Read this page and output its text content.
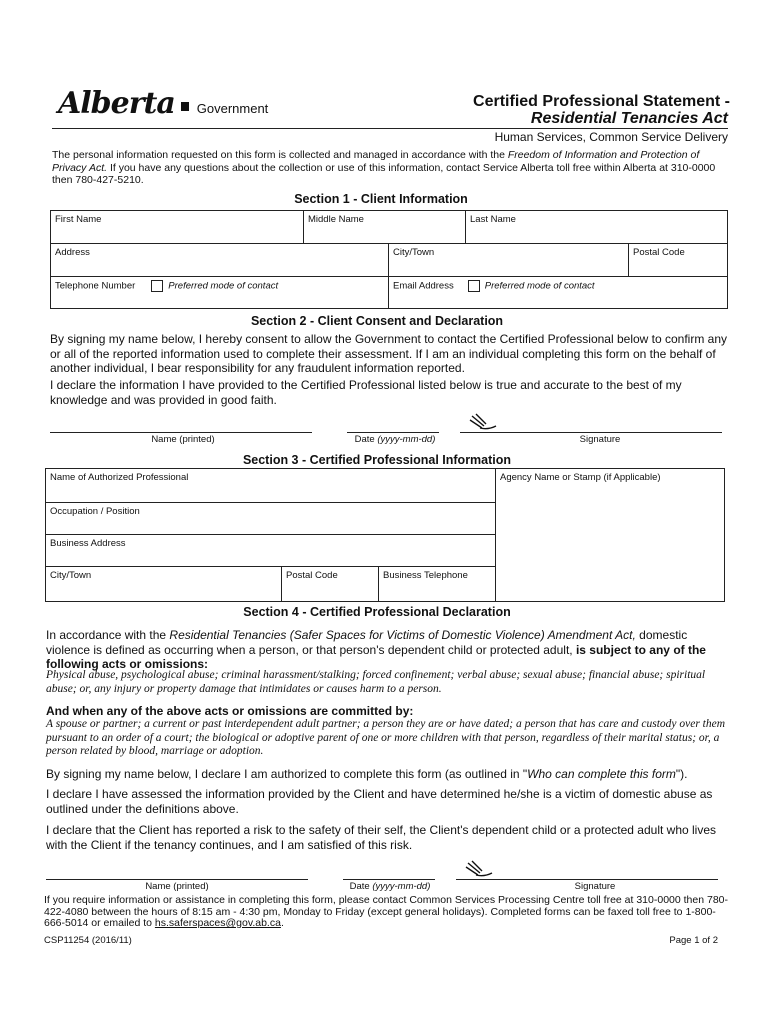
Alberta Government	Certified Professional Statement -
Residential Tenancies Act
Human Services, Common Service Delivery
The personal information requested on this form is collected and managed in accordance with the Freedom of Information and Protection of Privacy Act. If you have any questions about the collection or use of this information, contact Service Alberta toll free within Alberta at 310-0000 then 780-427-5210.
Section 1 - Client Information
First Name	Middle Name	Last Name
Address	City/Town	Postal Code
Telephone Number	Preferred mode of contact	Email Address	Preferred mode of contact
Section 2 - Client Consent and Declaration
By signing my name below, I hereby consent to allow the Government to contact the Certified Professional below to confirm any or all of the reported information used to complete their assessment. If I am an individual completing this form on the behalf of another individual, I bear responsibility for any fraudulent information reported.
I declare the information I have provided to the Certified Professional listed below is true and accurate to the best of my knowledge and was provided in good faith.
Name (printed)	Date (yyyy-mm-dd)	Signature
Section 3 - Certified Professional Information
Name of Authorized Professional	Agency Name or Stamp (if Applicable)
Occupation / Position
Business Address
City/Town	Postal Code	Business Telephone
Section 4 - Certified Professional Declaration
In accordance with the Residential Tenancies (Safer Spaces for Victims of Domestic Violence) Amendment Act, domestic violence is defined as occurring when a person, or that person's dependent child or protected adult, is subject to any of the following acts or omissions:
Physical abuse, psychological abuse; criminal harassment/stalking; forced confinement; verbal abuse; sexual abuse; financial abuse; spiritual abuse; or, any injury or property damage that intimidates or causes harm to a person.
And when any of the above acts or omissions are committed by:
A spouse or partner; a current or past interdependent adult partner; a person they are or have dated; a person that has care and custody over them pursuant to an order of a court; the biological or adoptive parent of one or more children with that person, regardless of their marital status; or, a person related by blood, marriage or adoption.
By signing my name below, I declare I am authorized to complete this form (as outlined in "Who can complete this form").
I declare I have assessed the information provided by the Client and have determined he/she is a victim of domestic abuse as outlined under the definitions above.
I declare that the Client has reported a risk to the safety of their self, the Client's dependent child or a protected adult who lives with the Client if the tenancy continues, and I am satisfied of this risk.
Name (printed)	Date (yyyy-mm-dd)	Signature
If you require information or assistance in completing this form, please contact Common Services Processing Centre toll free at 310-0000 then 780-422-4080 between the hours of 8:15 am - 4:30 pm, Monday to Friday (except general holidays). Completed forms can be faxed toll free to 1-800-666-5014 or emailed to hs.saferspaces@gov.ab.ca.
CSP11254 (2016/11)	Page 1 of 2
